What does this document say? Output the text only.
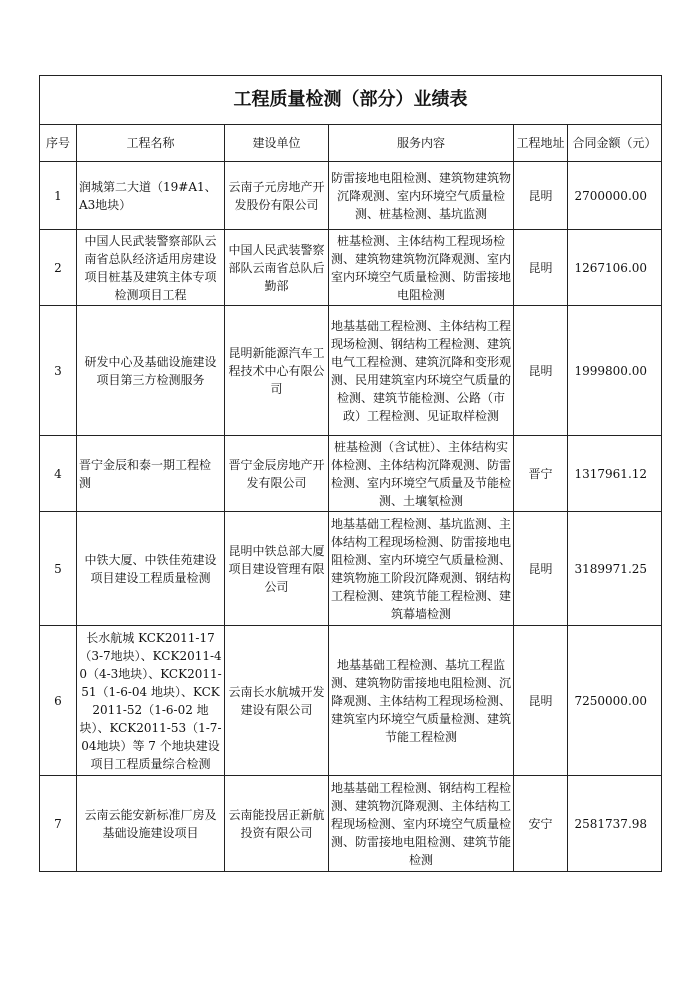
工程质量检测（部分）业绩表					
序号	工程名称	建设单位	服务内容	工程地址	合同金额（元）
1	润城第二大道（19#A1、A3地块）	云南子元房地产开发股份有限公司	防雷接地电阻检测、建筑物建筑物沉降观测、室内环境空气质量检测、桩基检测、基坑监测	昆明	2700000.00
2	中国人民武装警察部队云南省总队经济适用房建设项目桩基及建筑主体专项检测项目工程	中国人民武装警察部队云南省总队后勤部	桩基检测、主体结构工程现场检测、建筑物建筑物沉降观测、室内室内环境空气质量检测、防雷接地电阻检测	昆明	1267106.00
3	研发中心及基础设施建设项目第三方检测服务	昆明新能源汽车工程技术中心有限公司	地基基础工程检测、主体结构工程现场检测、钢结构工程检测、建筑电气工程检测、建筑沉降和变形观测、民用建筑室内环境空气质量的检测、建筑节能检测、公路（市政）工程检测、见证取样检测	昆明	1999800.00
4	晋宁金辰和泰一期工程检测	晋宁金辰房地产开发有限公司	桩基检测（含试桩）、主体结构实体检测、主体结构沉降观测、防雷检测、室内环境空气质量及节能检测、土壤氡检测	晋宁	1317961.12
5	中铁大厦、中铁佳苑建设项目建设工程质量检测	昆明中铁总部大厦项目建设管理有限公司	地基基础工程检测、基坑监测、主体结构工程现场检测、防雷接地电阻检测、室内环境空气质量检测、建筑物施工阶段沉降观测、钢结构工程检测、建筑节能工程检测、建筑幕墙检测	昆明	3189971.25
6	长水航城 KCK2011-17（3-7地块）、KCK2011-40（4-3地块）、KCK2011-51（1-6-04 地块）、KCK2011-52（1-6-02 地块）、KCK2011-53（1-7-04地块）等 7 个地块建设项目工程质量综合检测	云南长水航城开发建设有限公司	地基基础工程检测、基坑工程监测、建筑物防雷接地电阻检测、沉降观测、主体结构工程现场检测、建筑室内环境空气质量检测、建筑节能工程检测	昆明	7250000.00
7	云南云能安新标准厂房及基础设施建设项目	云南能投居正新航投资有限公司	地基基础工程检测、钢结构工程检测、建筑物沉降观测、主体结构工程现场检测、室内环境空气质量检测、防雷接地电阻检测、建筑节能检测	安宁	2581737.98
